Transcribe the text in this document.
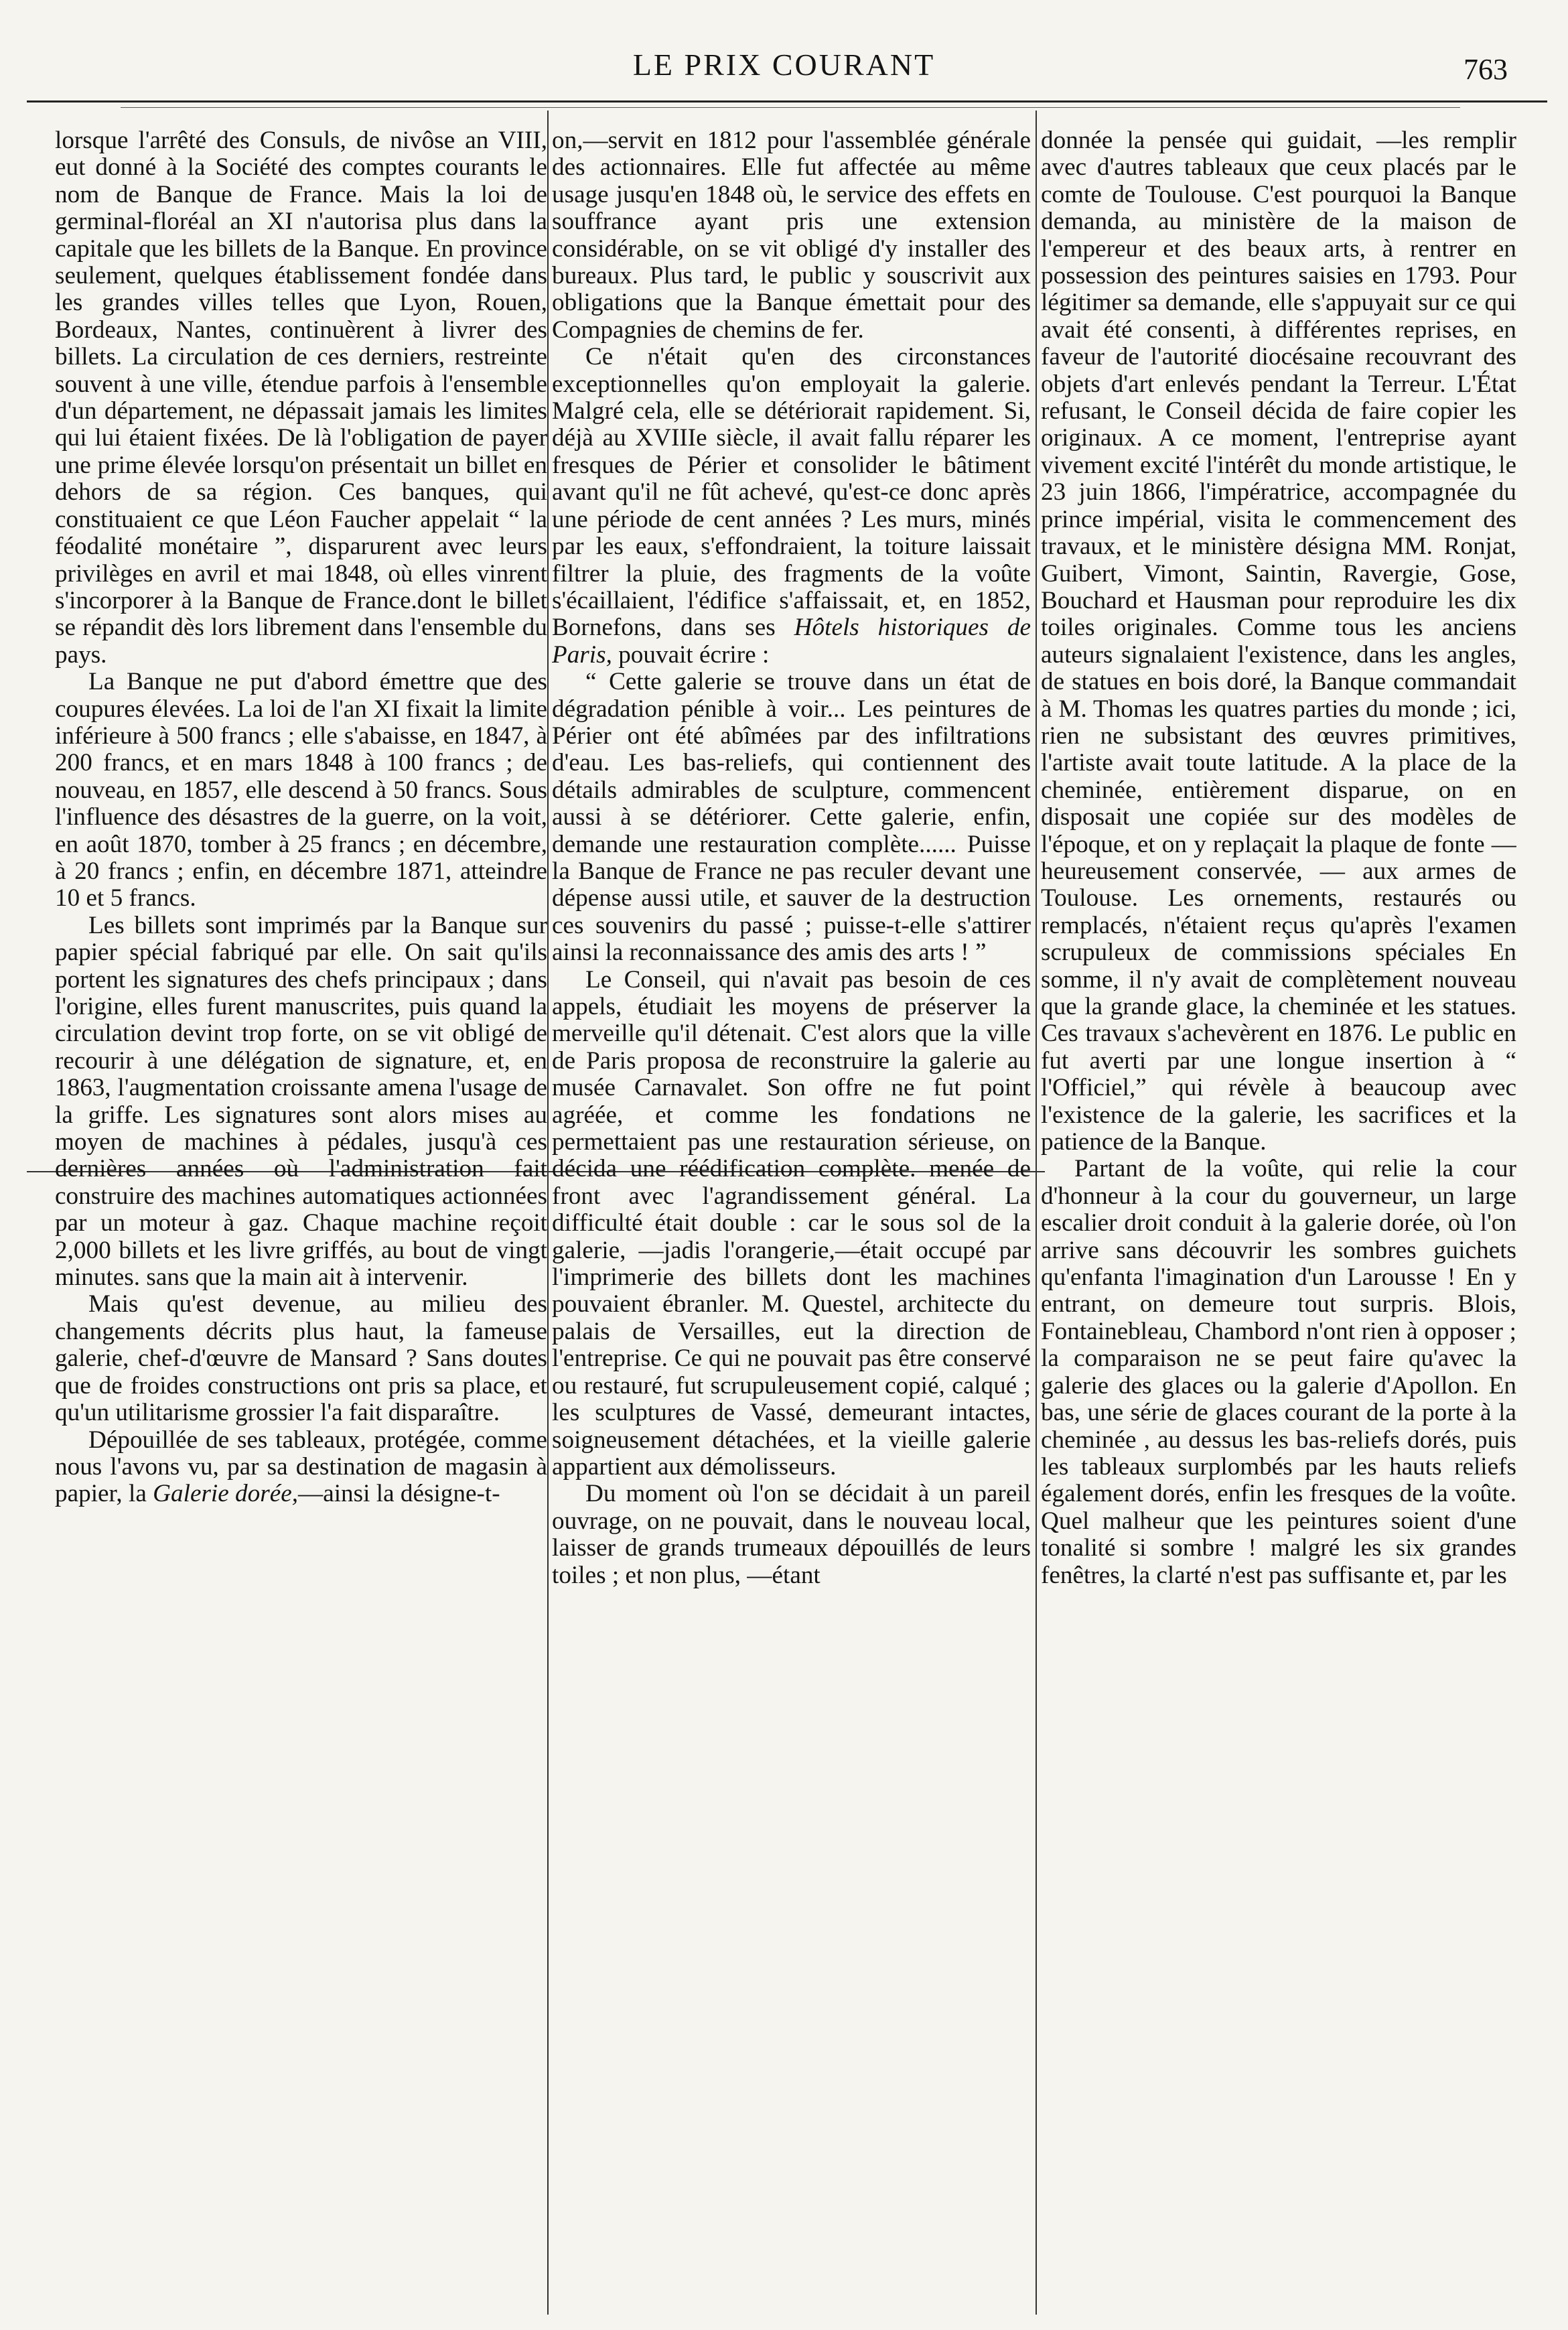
LE PRIX COURANT	763

lorsque l'arrêté des Consuls, de nivôse an VIII, eut donné à la Société des comptes courants le nom de Banque de France. Mais la loi de germinal-floréal an XI n'autorisa plus dans la capitale que les billets de la Banque. En province seulement, quelques établissement fondée dans les grandes villes telles que Lyon, Rouen, Bordeaux, Nantes, continuèrent à livrer des billets. La circulation de ces derniers, restreinte souvent à une ville, étendue parfois à l'ensemble d'un département, ne dépassait jamais les limites qui lui étaient fixées. De là l'obligation de payer une prime élevée lorsqu'on présentait un billet en dehors de sa région. Ces banques, qui constituaient ce que Léon Faucher appelait “ la féodalité monétaire ”, disparurent avec leurs privilèges en avril et mai 1848, où elles vinrent s'incorporer à la Banque de France.dont le billet se répandit dès lors librement dans l'ensemble du pays.

La Banque ne put d'abord émettre que des coupures élevées. La loi de l'an XI fixait la limite inférieure à 500 francs ; elle s'abaisse, en 1847, à 200 francs, et en mars 1848 à 100 francs ; de nouveau, en 1857, elle descend à 50 francs. Sous l'influence des désastres de la guerre, on la voit, en août 1870, tomber à 25 francs ; en décembre, à 20 francs ; enfin, en décembre 1871, atteindre 10 et 5 francs.

Les billets sont imprimés par la Banque sur papier spécial fabriqué par elle. On sait qu'ils portent les signatures des chefs principaux ; dans l'origine, elles furent manuscrites, puis quand la circulation devint trop forte, on se vit obligé de recourir à une délégation de signature, et, en 1863, l'augmentation croissante amena l'usage de la griffe. Les signatures sont alors mises au moyen de machines à pédales, jusqu'à ces dernières années où l'administration fait construire des machines automatiques actionnées par un moteur à gaz. Chaque machine reçoit 2,000 billets et les livre griffés, au bout de vingt minutes. sans que la main ait à intervenir.

Mais qu'est devenue, au milieu des changements décrits plus haut, la fameuse galerie, chef-d'œuvre de Mansard ? Sans doutes que de froides constructions ont pris sa place, et qu'un utilitarisme grossier l'a fait disparaître.

Dépouillée de ses tableaux, protégée, comme nous l'avons vu, par sa destination de magasin à papier, la Galerie dorée,—ainsi la désigne-t-

on,—servit en 1812 pour l'assemblée générale des actionnaires. Elle fut affectée au même usage jusqu'en 1848 où, le service des effets en souffrance ayant pris une extension considérable, on se vit obligé d'y installer des bureaux. Plus tard, le public y souscrivit aux obligations que la Banque émettait pour des Compagnies de chemins de fer.

Ce n'était qu'en des circonstances exceptionnelles qu'on employait la galerie. Malgré cela, elle se détériorait rapidement. Si, déjà au XVIIIe siècle, il avait fallu réparer les fresques de Périer et consolider le bâtiment avant qu'il ne fût achevé, qu'est-ce donc après une période de cent années ? Les murs, minés par les eaux, s'effondraient, la toiture laissait filtrer la pluie, des fragments de la voûte s'écaillaient, l'édifice s'affaissait, et, en 1852, Bornefons, dans ses Hôtels historiques de Paris, pouvait écrire :

“ Cette galerie se trouve dans un état de dégradation pénible à voir... Les peintures de Périer ont été abîmées par des infiltrations d'eau. Les bas-reliefs, qui contiennent des détails admirables de sculpture, commencent aussi à se détériorer. Cette galerie, enfin, demande une restauration complète...... Puisse la Banque de France ne pas reculer devant une dépense aussi utile, et sauver de la destruction ces souvenirs du passé ; puisse-t-elle s'attirer ainsi la reconnaissance des amis des arts ! ”

Le Conseil, qui n'avait pas besoin de ces appels, étudiait les moyens de préserver la merveille qu'il détenait. C'est alors que la ville de Paris proposa de reconstruire la galerie au musée Carnavalet. Son offre ne fut point agréée, et comme les fondations ne permettaient pas une restauration sérieuse, on décida une réédification complète. menée de front avec l'agrandissement général. La difficulté était double : car le sous sol de la galerie, —jadis l'orangerie,—était occupé par l'imprimerie des billets dont les machines pouvaient ébranler. M. Questel, architecte du palais de Versailles, eut la direction de l'entreprise. Ce qui ne pouvait pas être conservé ou restauré, fut scrupuleusement copié, calqué ; les sculptures de Vassé, demeurant intactes, soigneusement détachées, et la vieille galerie appartient aux démolisseurs.

Du moment où l'on se décidait à un pareil ouvrage, on ne pouvait, dans le nouveau local, laisser de grands trumeaux dépouillés de leurs toiles ; et non plus, —étant

donnée la pensée qui guidait, —les remplir avec d'autres tableaux que ceux placés par le comte de Toulouse. C'est pourquoi la Banque demanda, au ministère de la maison de l'empereur et des beaux arts, à rentrer en possession des peintures saisies en 1793. Pour légitimer sa demande, elle s'appuyait sur ce qui avait été consenti, à différentes reprises, en faveur de l'autorité diocésaine recouvrant des objets d'art enlevés pendant la Terreur. L'État refusant, le Conseil décida de faire copier les originaux. A ce moment, l'entreprise ayant vivement excité l'intérêt du monde artistique, le 23 juin 1866, l'impératrice, accompagnée du prince impérial, visita le commencement des travaux, et le ministère désigna MM. Ronjat, Guibert, Vimont, Saintin, Ravergie, Gose, Bouchard et Hausman pour reproduire les dix toiles originales. Comme tous les anciens auteurs signalaient l'existence, dans les angles, de statues en bois doré, la Banque commandait à M. Thomas les quatres parties du monde ; ici, rien ne subsistant des œuvres primitives, l'artiste avait toute latitude. A la place de la cheminée, entièrement disparue, on en disposait une copiée sur des modèles de l'époque, et on y replaçait la plaque de fonte — heureusement conservée, — aux armes de Toulouse. Les ornements, restaurés ou remplacés, n'étaient reçus qu'après l'examen scrupuleux de commissions spéciales En somme, il n'y avait de complètement nouveau que la grande glace, la cheminée et les statues. Ces travaux s'achevèrent en 1876. Le public en fut averti par une longue insertion à “ l'Officiel,” qui révèle à beaucoup avec l'existence de la galerie, les sacrifices et la patience de la Banque.

Partant de la voûte, qui relie la cour d'honneur à la cour du gouverneur, un large escalier droit conduit à la galerie dorée, où l'on arrive sans découvrir les sombres guichets qu'enfanta l'imagination d'un Larousse ! En y entrant, on demeure tout surpris. Blois, Fontainebleau, Chambord n'ont rien à opposer ; la comparaison ne se peut faire qu'avec la galerie des glaces ou la galerie d'Apollon. En bas, une série de glaces courant de la porte à la cheminée , au dessus les bas-reliefs dorés, puis les tableaux surplombés par les hauts reliefs également dorés, enfin les fresques de la voûte. Quel malheur que les peintures soient d'une tonalité si sombre ! malgré les six grandes fenêtres, la clarté n'est pas suffisante et, par les
